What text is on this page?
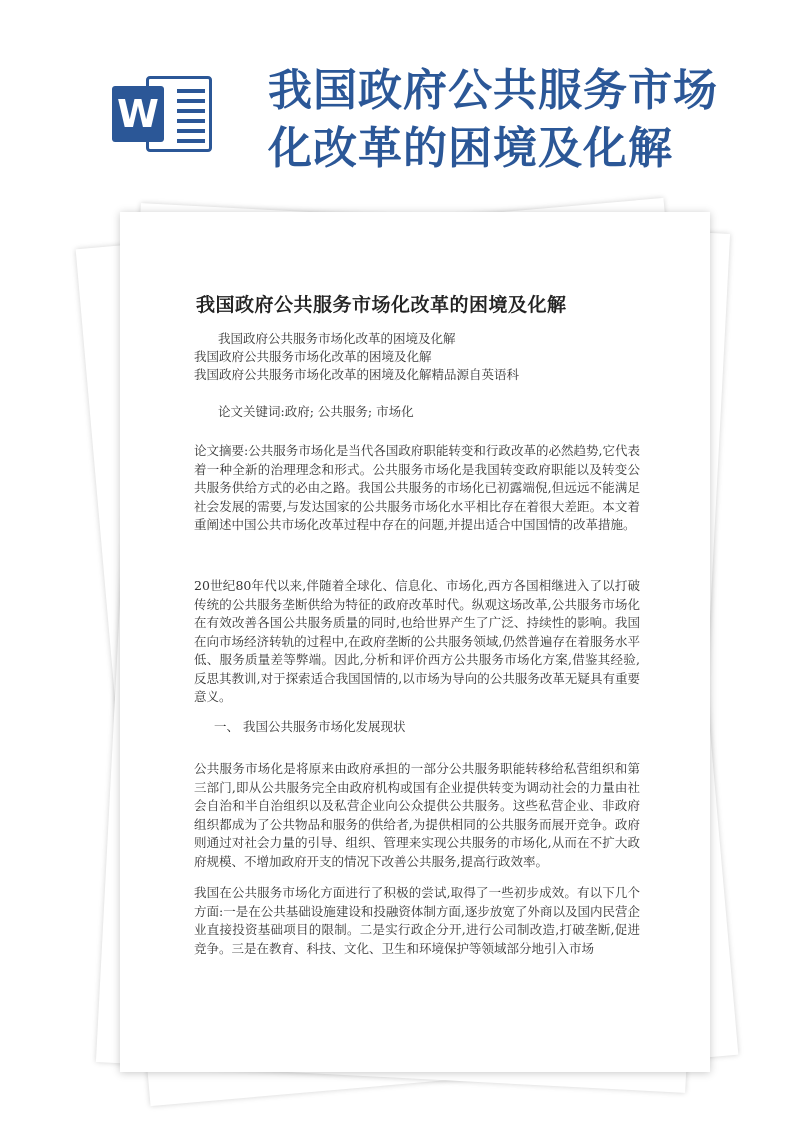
W 我国政府公共服务市场
化改革的困境及化解
我国政府公共服务市场化改革的困境及化解
我国政府公共服务市场化改革的困境及化解
我国政府公共服务市场化改革的困境及化解
我国政府公共服务市场化改革的困境及化解精品源自英语科
论文关键词:政府; 公共服务; 市场化
论文摘要:公共服务市场化是当代各国政府职能转变和行政改革的必然趋势,它代表着一种全新的治理理念和形式。公共服务市场化是我国转变政府职能以及转变公共服务供给方式的必由之路。我国公共服务的市场化已初露端倪,但远远不能满足社会发展的需要,与发达国家的公共服务市场化水平相比存在着很大差距。本文着重阐述中国公共市场化改革过程中存在的问题,并提出适合中国国情的改革措施。
20世纪80年代以来,伴随着全球化、信息化、市场化,西方各国相继进入了以打破传统的公共服务垄断供给为特征的政府改革时代。纵观这场改革,公共服务市场化在有效改善各国公共服务质量的同时,也给世界产生了广泛、持续性的影响。我国在向市场经济转轨的过程中,在政府垄断的公共服务领域,仍然普遍存在着服务水平低、服务质量差等弊端。因此,分析和评价西方公共服务市场化方案,借鉴其经验,反思其教训,对于探索适合我国国情的,以市场为导向的公共服务改革无疑具有重要意义。
一、 我国公共服务市场化发展现状
公共服务市场化是将原来由政府承担的一部分公共服务职能转移给私营组织和第三部门,即从公共服务完全由政府机构或国有企业提供转变为调动社会的力量由社会自治和半自治组织以及私营企业向公众提供公共服务。这些私营企业、非政府组织都成为了公共物品和服务的供给者,为提供相同的公共服务而展开竞争。政府则通过对社会力量的引导、组织、管理来实现公共服务的市场化,从而在不扩大政府规模、不增加政府开支的情况下改善公共服务,提高行政效率。
我国在公共服务市场化方面进行了积极的尝试,取得了一些初步成效。有以下几个方面:一是在公共基础设施建设和投融资体制方面,逐步放宽了外商以及国内民营企业直接投资基础项目的限制。二是实行政企分开,进行公司制改造,打破垄断,促进竞争。三是在教育、科技、文化、卫生和环境保护等领域部分地引入市场
